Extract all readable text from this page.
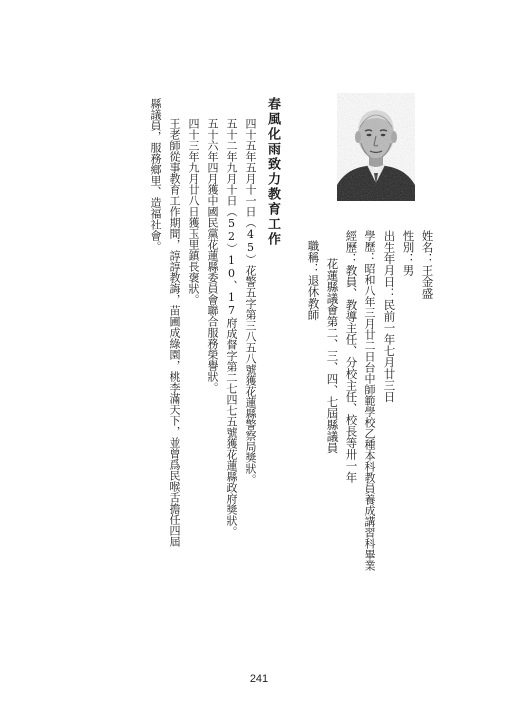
姓名：王金盛
性別：男
出生年月日：民前一年七月廿三日
學歷：昭和八年三月廿二日台中師範學校乙種本科教員養成講習科畢業
經歷：教員、教導主任、分校主任、校長等卅一年
花蓮縣議會第二、三、四、七屆縣議員
職稱：退休教師
春風化雨致力教育工作
四十五年五月十一日（45）花警五字第三八五八號獲花蓮縣警察局獎狀。
五十二年九月十日（52）10、17府成督字第二七四七五號獲花蓮縣政府獎狀。
五十六年四月獲中國民黨花蓮縣委員會聯合服務榮譽狀。
四十三年九月廿八日獲玉里鎮長褒狀。
王老師從事教育工作期間，諄諄教誨，苗圃成綠園，桃李滿天下，並曾爲民喉舌擔任四屆
縣議員，服務鄉里、造福社會。
241
